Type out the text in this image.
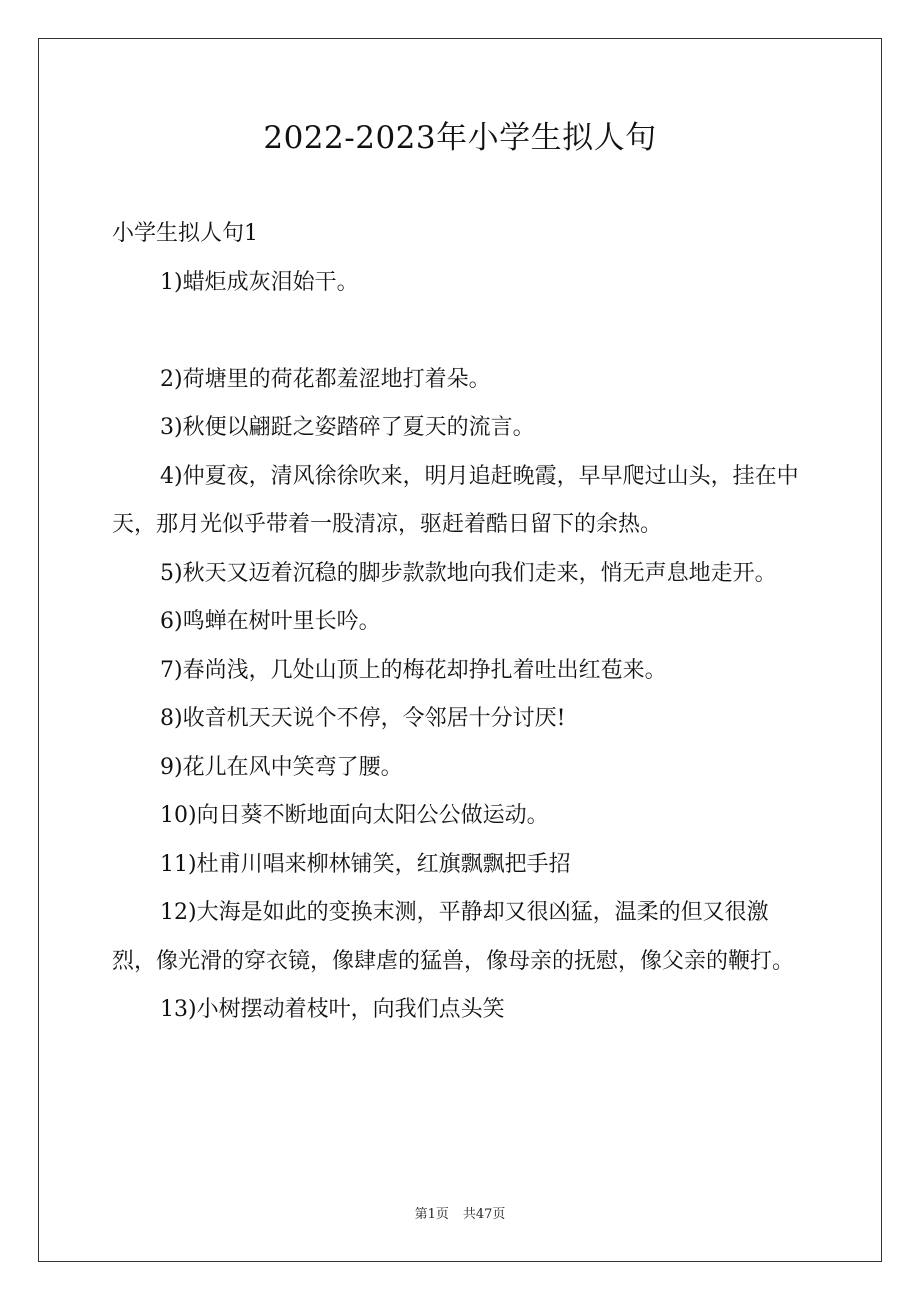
2022-2023年小学生拟人句

小学生拟人句1

1)蜡炬成灰泪始干。

2)荷塘里的荷花都羞涩地打着朵。

3)秋便以翩跹之姿踏碎了夏天的流言。

4)仲夏夜，清风徐徐吹来，明月追赶晚霞，早早爬过山头，挂在中天，那月光似乎带着一股清凉，驱赶着酷日留下的余热。

5)秋天又迈着沉稳的脚步款款地向我们走来，悄无声息地走开。

6)鸣蝉在树叶里长吟。

7)春尚浅，几处山顶上的梅花却挣扎着吐出红苞来。

8)收音机天天说个不停，令邻居十分讨厌!

9)花儿在风中笑弯了腰。

10)向日葵不断地面向太阳公公做运动。

11)杜甫川唱来柳林铺笑，红旗飘飘把手招

12)大海是如此的变换末测，平静却又很凶猛，温柔的但又很激烈，像光滑的穿衣镜，像肆虐的猛兽，像母亲的抚慰，像父亲的鞭打。

13)小树摆动着枝叶，向我们点头笑

第1页 共47页
